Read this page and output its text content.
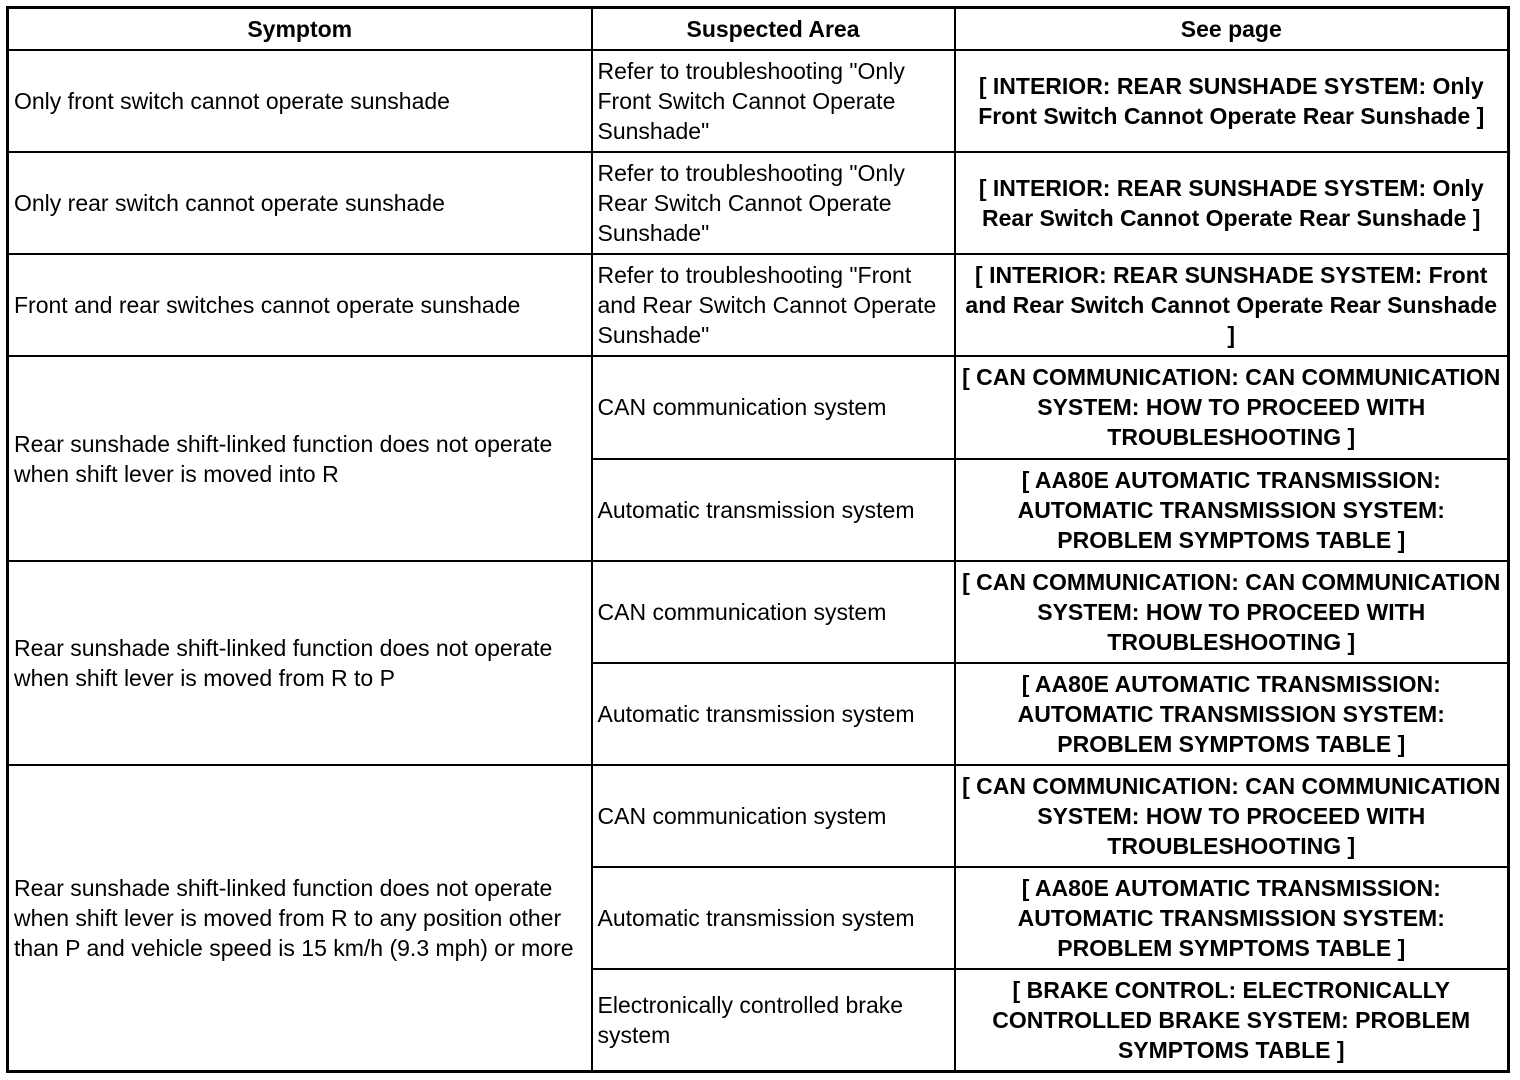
Symptom	Suspected Area	See page
Only front switch cannot operate sunshade	Refer to troubleshooting "Only Front Switch Cannot Operate Sunshade"	[ INTERIOR: REAR SUNSHADE SYSTEM: Only Front Switch Cannot Operate Rear Sunshade ]
Only rear switch cannot operate sunshade	Refer to troubleshooting "Only Rear Switch Cannot Operate Sunshade"	[ INTERIOR: REAR SUNSHADE SYSTEM: Only Rear Switch Cannot Operate Rear Sunshade ]
Front and rear switches cannot operate sunshade	Refer to troubleshooting "Front and Rear Switch Cannot Operate Sunshade"	[ INTERIOR: REAR SUNSHADE SYSTEM: Front and Rear Switch Cannot Operate Rear Sunshade ]
Rear sunshade shift-linked function does not operate when shift lever is moved into R	CAN communication system	[ CAN COMMUNICATION: CAN COMMUNICATION SYSTEM: HOW TO PROCEED WITH TROUBLESHOOTING ]
	Automatic transmission system	[ AA80E AUTOMATIC TRANSMISSION: AUTOMATIC TRANSMISSION SYSTEM: PROBLEM SYMPTOMS TABLE ]
Rear sunshade shift-linked function does not operate when shift lever is moved from R to P	CAN communication system	[ CAN COMMUNICATION: CAN COMMUNICATION SYSTEM: HOW TO PROCEED WITH TROUBLESHOOTING ]
	Automatic transmission system	[ AA80E AUTOMATIC TRANSMISSION: AUTOMATIC TRANSMISSION SYSTEM: PROBLEM SYMPTOMS TABLE ]
Rear sunshade shift-linked function does not operate when shift lever is moved from R to any position other than P and vehicle speed is 15 km/h (9.3 mph) or more	CAN communication system	[ CAN COMMUNICATION: CAN COMMUNICATION SYSTEM: HOW TO PROCEED WITH TROUBLESHOOTING ]
	Automatic transmission system	[ AA80E AUTOMATIC TRANSMISSION: AUTOMATIC TRANSMISSION SYSTEM: PROBLEM SYMPTOMS TABLE ]
	Electronically controlled brake system	[ BRAKE CONTROL: ELECTRONICALLY CONTROLLED BRAKE SYSTEM: PROBLEM SYMPTOMS TABLE ]
